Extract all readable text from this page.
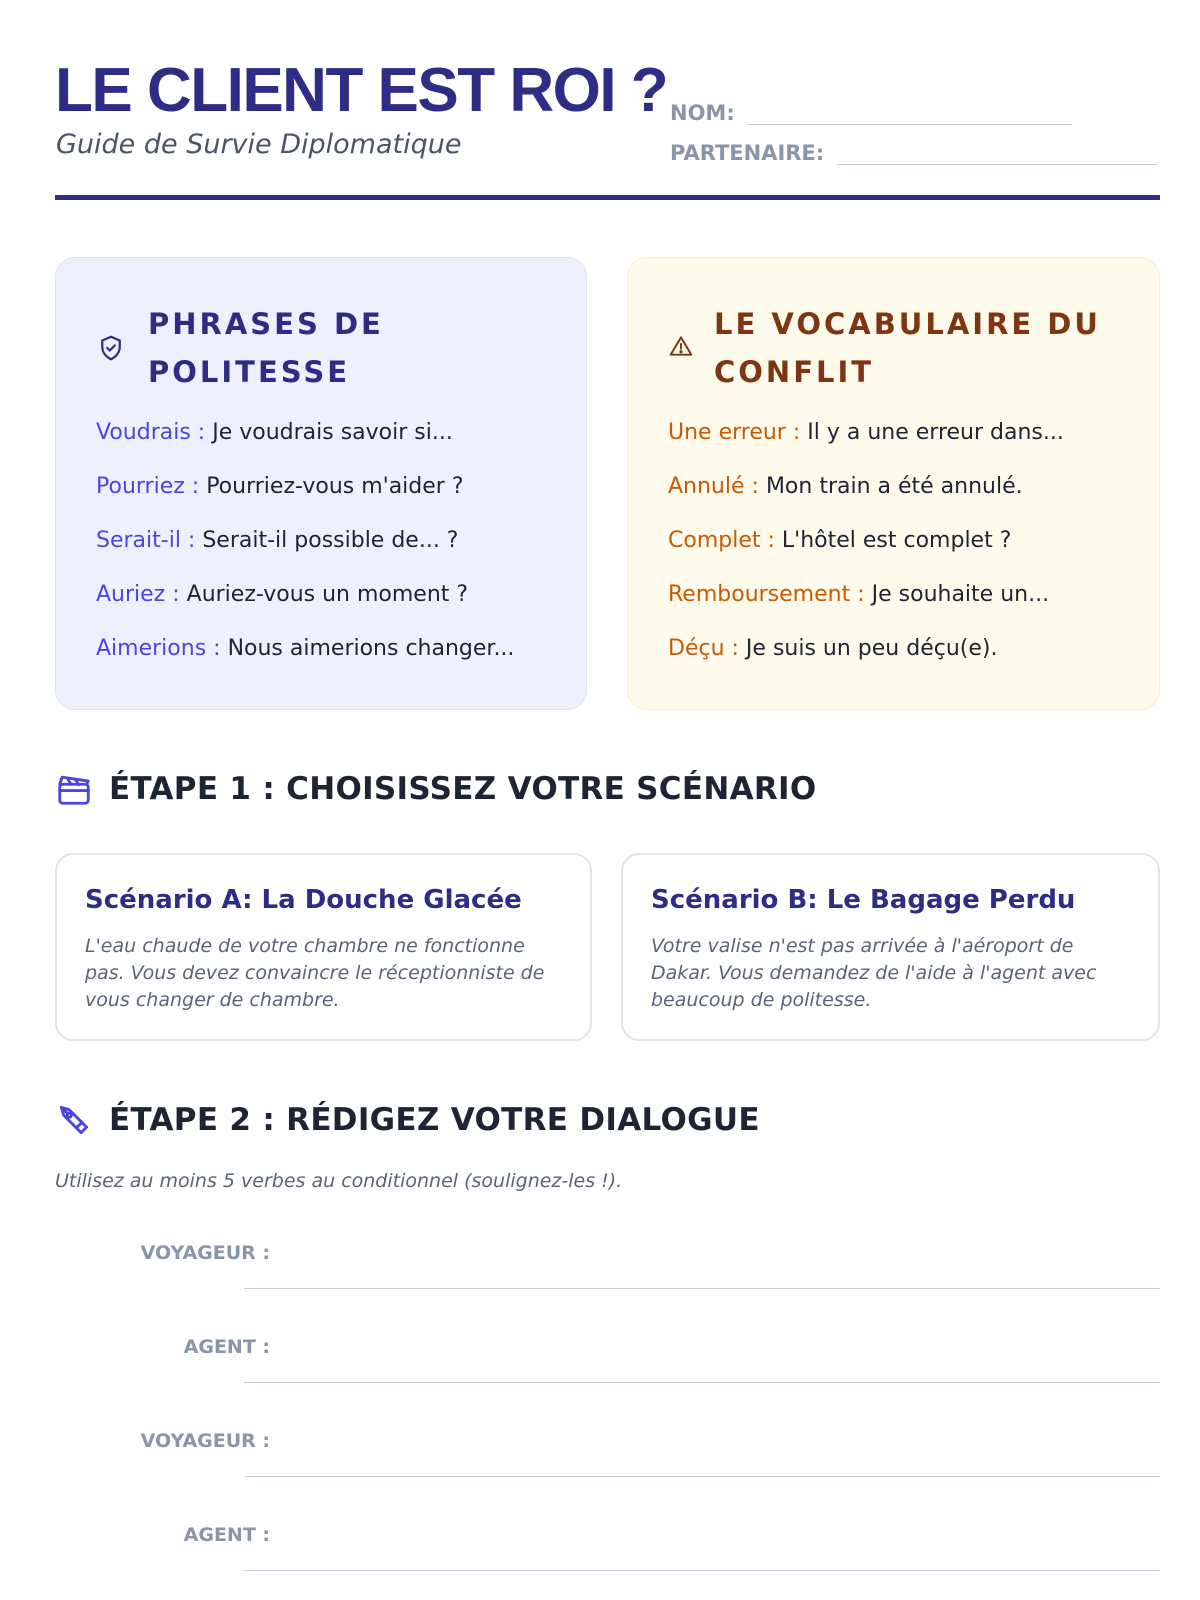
LE CLIENT EST ROI ?
Guide de Survie Diplomatique
NOM:
PARTENAIRE:
PHRASES DE POLITESSE
Voudrais : Je voudrais savoir si...
Pourriez : Pourriez-vous m'aider ?
Serait-il : Serait-il possible de... ?
Auriez : Auriez-vous un moment ?
Aimerions : Nous aimerions changer...
LE VOCABULAIRE DU CONFLIT
Une erreur : Il y a une erreur dans...
Annulé : Mon train a été annulé.
Complet : L'hôtel est complet ?
Remboursement : Je souhaite un...
Déçu : Je suis un peu déçu(e).
ÉTAPE 1 : CHOISISSEZ VOTRE SCÉNARIO
Scénario A: La Douche Glacée
L'eau chaude de votre chambre ne fonctionne pas. Vous devez convaincre le réceptionniste de vous changer de chambre.
Scénario B: Le Bagage Perdu
Votre valise n'est pas arrivée à l'aéroport de Dakar. Vous demandez de l'aide à l'agent avec beaucoup de politesse.
ÉTAPE 2 : RÉDIGEZ VOTRE DIALOGUE
Utilisez au moins 5 verbes au conditionnel (soulignez-les !).
VOYAGEUR :
AGENT :
VOYAGEUR :
AGENT :
